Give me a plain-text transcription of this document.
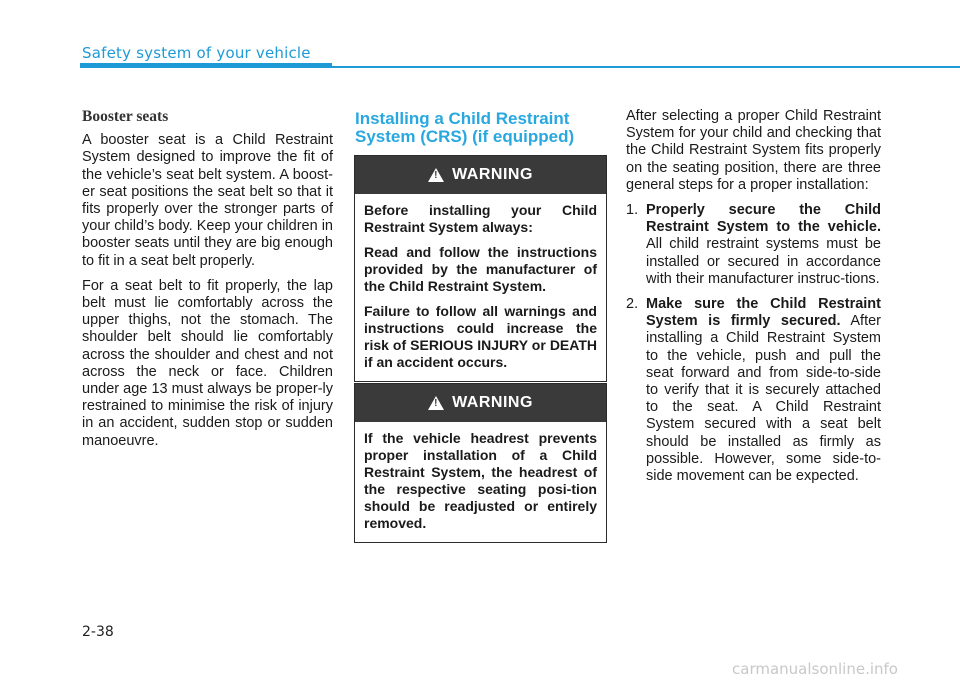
Safety system of your vehicle
Booster seats

A booster seat is a Child Restraint System designed to improve the fit of the vehicle’s seat belt system. A boost-er seat positions the seat belt so that it fits properly over the stronger parts of your child’s body. Keep your children in booster seats until they are big enough to fit in a seat belt properly.

For a seat belt to fit properly, the lap belt must lie comfortably across the upper thighs, not the stomach. The shoulder belt should lie comfortably across the shoulder and chest and not across the neck or face. Children under age 13 must always be proper-ly restrained to minimise the risk of injury in an accident, sudden stop or sudden manoeuvre.

Installing a Child Restraint System (CRS) (if equipped)
!
WARNING

Before installing your Child Restraint System always:

Read and follow the instructions provided by the manufacturer of the Child Restraint System.

Failure to follow all warnings and instructions could increase the risk of SERIOUS INJURY or DEATH if an accident occurs.

!
WARNING

If the vehicle headrest prevents proper installation of a Child Restraint System, the headrest of the respective seating posi-tion should be readjusted or entirely removed.

After selecting a proper Child Restraint System for your child and checking that the Child Restraint System fits properly on the seating position, there are three general steps for a proper installation:

1. Properly secure the Child Restraint System to the vehicle. All child restraint systems must be installed or secured in accordance with their manufacturer instruc-tions.
2. Make sure the Child Restraint System is firmly secured. After installing a Child Restraint System to the vehicle, push and pull the seat forward and from side-to-side to verify that it is securely attached to the seat. A Child Restraint System secured with a seat belt should be installed as firmly as possible. However, some side-to-side movement can be expected.
2-38
carmanualsonline.info
